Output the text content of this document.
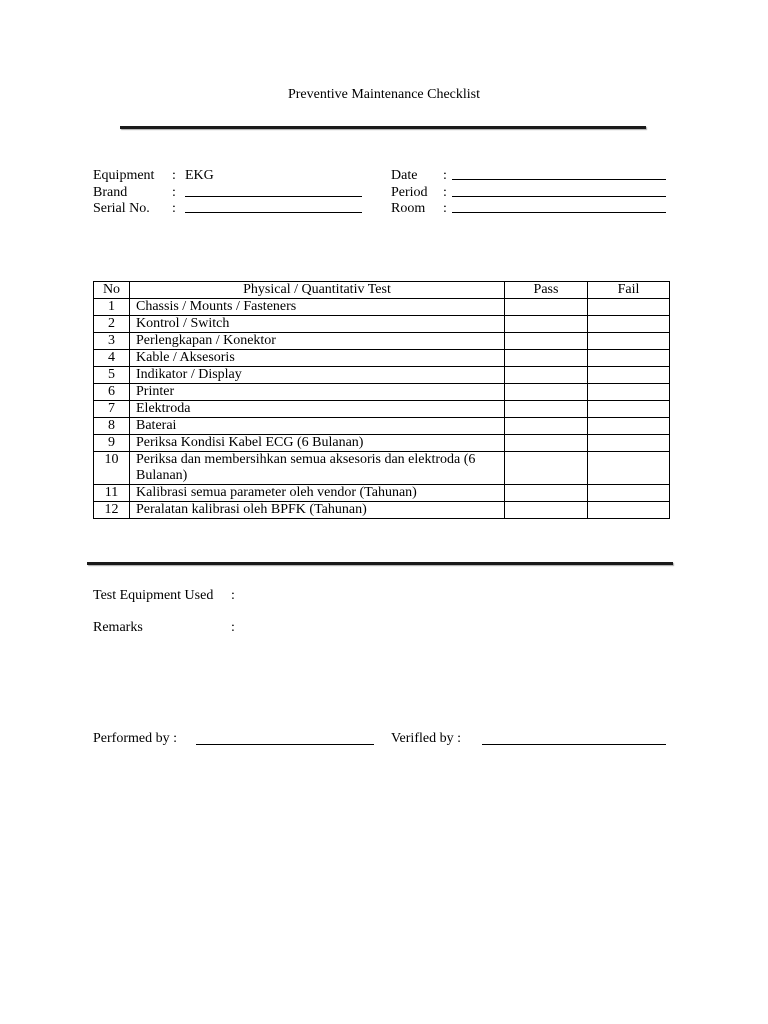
Preventive Maintenance Checklist
Equipment : EKG
Brand	:
Serial No. :
Date :
Period :
Room :
No	Physical / Quantitativ Test	Pass	Fail
1	Chassis / Mounts / Fasteners		
2	Kontrol / Switch		
3	Perlengkapan / Konektor		
4	Kable / Aksesoris		
5	Indikator / Display		
6	Printer		
7	Elektroda		
8	Baterai		
9	Periksa Kondisi Kabel ECG (6 Bulanan)		
10	Periksa dan membersihkan semua aksesoris dan elektroda (6 Bulanan)		
11	Kalibrasi semua parameter oleh vendor (Tahunan)		
12	Peralatan kalibrasi oleh BPFK (Tahunan)		
Test Equipment Used :
Remarks	:
Performed by :	Verifled by :
